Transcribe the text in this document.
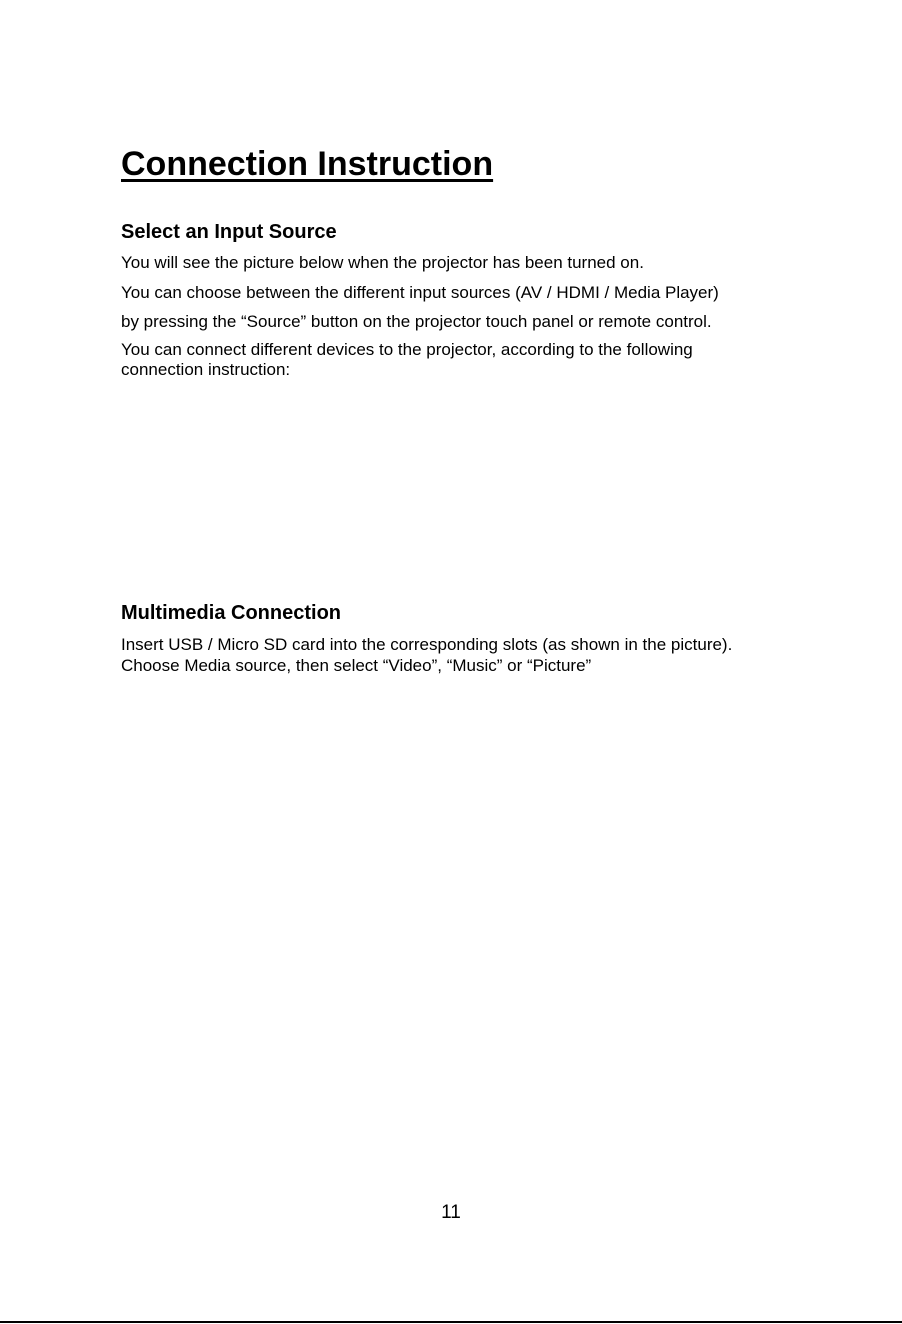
Connection Instruction
Select an Input Source

You will see the picture below when the projector has been turned on.

You can choose between the different input sources (AV / HDMI / Media Player)

by pressing the “Source” button on the projector touch panel or remote control.

You can connect different devices to the projector, according to the following

connection instruction:

Multimedia Connection

Insert USB / Micro SD card into the corresponding slots (as shown in the picture).

Choose Media source, then select “Video”, “Music” or “Picture”

11
